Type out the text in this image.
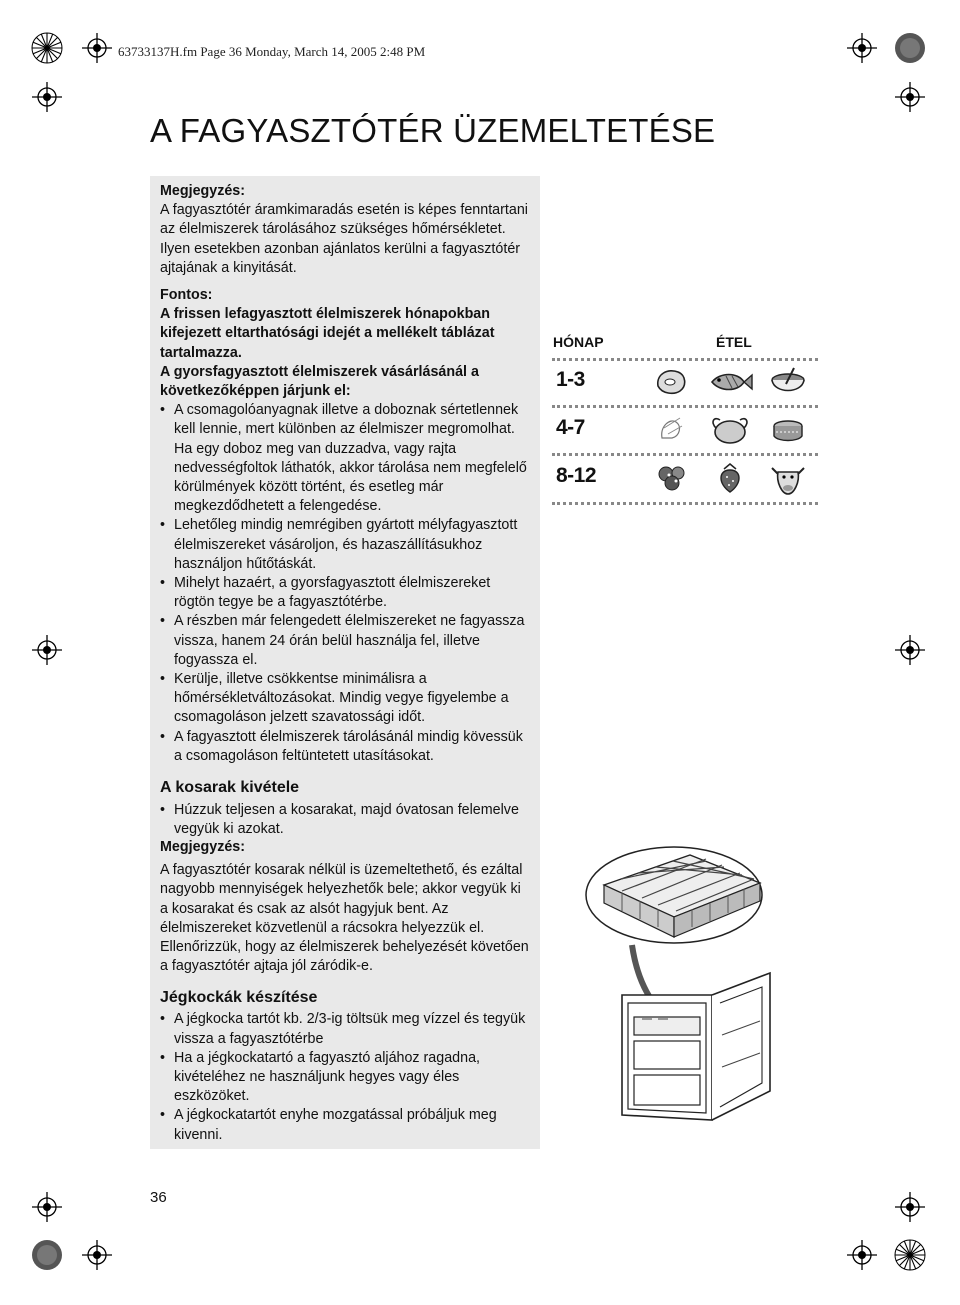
63733137H.fm Page 36 Monday, March 14, 2005 2:48 PM
A FAGYASZTÓTÉR ÜZEMELTETÉSE

Megjegyzés:

A fagyasztótér áramkimaradás esetén is képes fenntartani az élelmiszerek tárolásához szükséges hőmérsékletet. Ilyen esetekben azonban ajánlatos kerülni a fagyasztótér ajtajának a kinyitását.

Fontos:

A frissen lefagyasztott élelmiszerek hónapokban kifejezett eltarthatósági idejét a mellékelt táblázat tartalmazza.

A gyorsfagyasztott élelmiszerek vásárlásánál a következőképpen járjunk el:

• A csomagolóanyagnak illetve a doboznak sértetlennek kell lennie, mert különben az élelmiszer megromolhat. Ha egy doboz meg van duzzadva, vagy rajta nedvességfoltok láthatók, akkor tárolása nem megfelelő körülmények között történt, és esetleg már megkezdődhetett a felengedése.
• Lehetőleg mindig nemrégiben gyártott mélyfagyasztott élelmiszereket vásároljon, és hazaszállításukhoz használjon hűtőtáskát.
• Mihelyt hazaért, a gyorsfagyasztott élelmiszereket rögtön tegye be a fagyasztótérbe.
• A részben már felengedett élelmiszereket ne fagyassza vissza, hanem 24 órán belül használja fel, illetve fogyassza el.
• Kerülje, illetve csökkentse minimálisra a hőmérsékletváltozásokat. Mindig vegye figyelembe a csomagoláson jelzett szavatossági időt.
• A fagyasztott élelmiszerek tárolásánál mindig kövessük a csomagoláson feltüntetett utasításokat.
A kosarak kivétele
• Húzzuk teljesen a kosarakat, majd óvatosan felemelve vegyük ki azokat.

Megjegyzés:

A fagyasztótér kosarak nélkül is üzemeltethető, és ezáltal nagyobb mennyiségek helyezhetők bele; akkor vegyük ki a kosarakat és csak az alsót hagyjuk bent. Az élelmiszereket közvetlenül a rácsokra helyezzük el. Ellenőrizzük, hogy az élelmiszerek behelyezését követően a fagyasztótér ajtaja jól záródik-e.

Jégkockák készítése
• A jégkocka tartót kb. 2/3-ig töltsük meg vízzel és tegyük vissza a fagyasztótérbe
• Ha a jégkockatartó a fagyasztó aljához ragadna, kivételéhez ne használjunk hegyes vagy éles eszközöket.
• A jégkockatartót enyhe mozgatással próbáljuk meg kivenni.
36
HÓNAP	ÉTEL
1-3
4-7
8-12
